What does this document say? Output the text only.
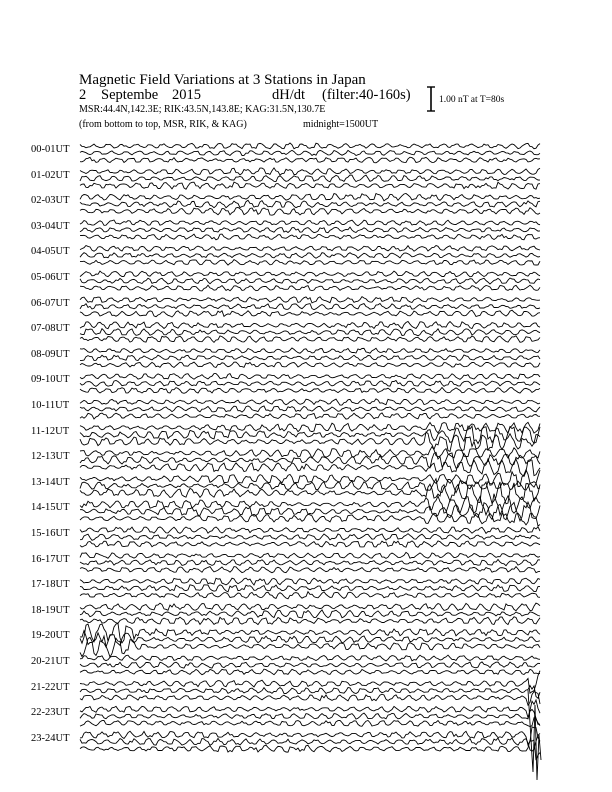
Magnetic Field Variations at 3 Stations in Japan
2 Septembe 2015	dH/dt (filter:40-160s)
MSR:44.4N,142.3E; RIK:43.5N,143.8E; KAG:31.5N,130.7E
(from bottom to top, MSR, RIK, & KAG)	midnight=1500UT
1.00 nT at T=80s
00-01UT
01-02UT
02-03UT
03-04UT
04-05UT
05-06UT
06-07UT
07-08UT
08-09UT
09-10UT
10-11UT
11-12UT
12-13UT
13-14UT
14-15UT
15-16UT
16-17UT
17-18UT
18-19UT
19-20UT
20-21UT
21-22UT
22-23UT
23-24UT
